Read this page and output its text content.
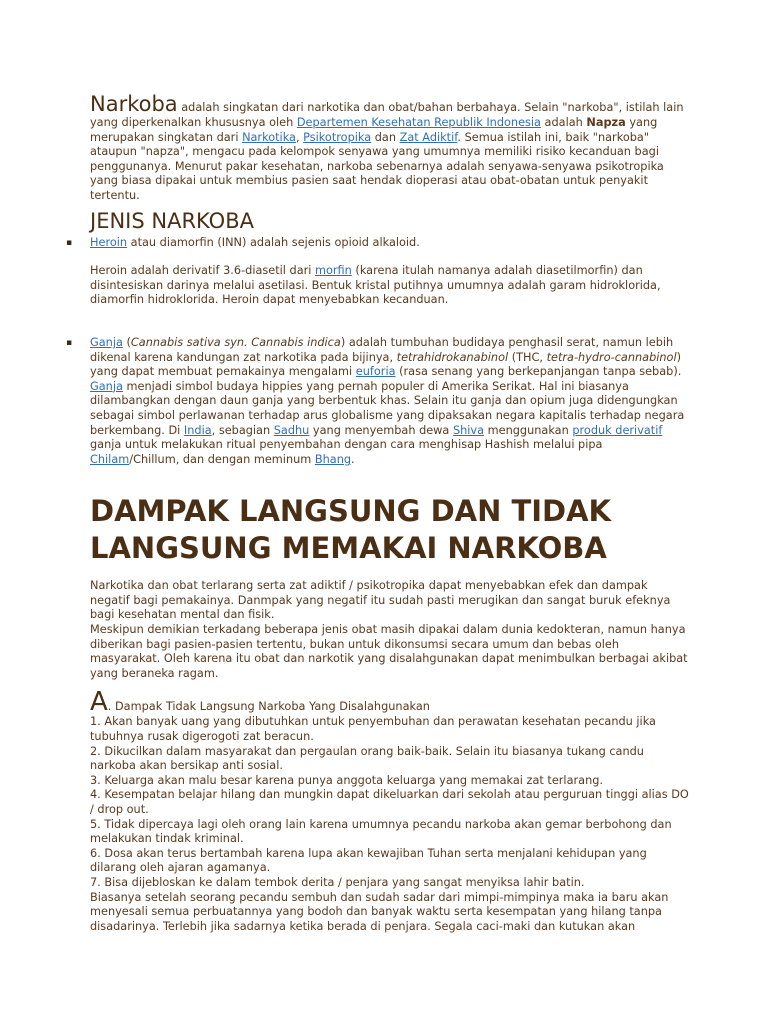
Narkoba adalah singkatan dari narkotika dan obat/bahan berbahaya. Selain "narkoba", istilah lain yang diperkenalkan khususnya oleh Departemen Kesehatan Republik Indonesia adalah Napza yang merupakan singkatan dari Narkotika, Psikotropika dan Zat Adiktif. Semua istilah ini, baik "narkoba" ataupun "napza", mengacu pada kelompok senyawa yang umumnya memiliki risiko kecanduan bagi penggunanya. Menurut pakar kesehatan, narkoba sebenarnya adalah senyawa-senyawa psikotropika yang biasa dipakai untuk membius pasien saat hendak dioperasi atau obat-obatan untuk penyakit tertentu.

JENIS NARKOBA
▪ Heroin atau diamorfin (INN) adalah sejenis opioid alkaloid.

Heroin adalah derivatif 3.6-diasetil dari morfin (karena itulah namanya adalah diasetilmorfin) dan disintesiskan darinya melalui asetilasi. Bentuk kristal putihnya umumnya adalah garam hidroklorida, diamorfin hidroklorida. Heroin dapat menyebabkan kecanduan.

▪ Ganja (Cannabis sativa syn. Cannabis indica) adalah tumbuhan budidaya penghasil serat, namun lebih dikenal karena kandungan zat narkotika pada bijinya, tetrahidrokanabinol (THC, tetra-hydro-cannabinol) yang dapat membuat pemakainya mengalami euforia (rasa senang yang berkepanjangan tanpa sebab).

Ganja menjadi simbol budaya hippies yang pernah populer di Amerika Serikat. Hal ini biasanya dilambangkan dengan daun ganja yang berbentuk khas. Selain itu ganja dan opium juga didengungkan sebagai simbol perlawanan terhadap arus globalisme yang dipaksakan negara kapitalis terhadap negara berkembang. Di India, sebagian Sadhu yang menyembah dewa Shiva menggunakan produk derivatif ganja untuk melakukan ritual penyembahan dengan cara menghisap Hashish melalui pipa Chilam/Chillum, dan dengan meminum Bhang.

DAMPAK LANGSUNG DAN TIDAK LANGSUNG MEMAKAI NARKOBA

Narkotika dan obat terlarang serta zat adiktif / psikotropika dapat menyebabkan efek dan dampak negatif bagi pemakainya. Danmpak yang negatif itu sudah pasti merugikan dan sangat buruk efeknya bagi kesehatan mental dan fisik.

Meskipun demikian terkadang beberapa jenis obat masih dipakai dalam dunia kedokteran, namun hanya diberikan bagi pasien-pasien tertentu, bukan untuk dikonsumsi secara umum dan bebas oleh masyarakat. Oleh karena itu obat dan narkotik yang disalahgunakan dapat menimbulkan berbagai akibat yang beraneka ragam.

A. Dampak Tidak Langsung Narkoba Yang Disalahgunakan

1. Akan banyak uang yang dibutuhkan untuk penyembuhan dan perawatan kesehatan pecandu jika tubuhnya rusak digerogoti zat beracun.

2. Dikucilkan dalam masyarakat dan pergaulan orang baik-baik. Selain itu biasanya tukang candu narkoba akan bersikap anti sosial.

3. Keluarga akan malu besar karena punya anggota keluarga yang memakai zat terlarang.

4. Kesempatan belajar hilang dan mungkin dapat dikeluarkan dari sekolah atau perguruan tinggi alias DO / drop out.

5. Tidak dipercaya lagi oleh orang lain karena umumnya pecandu narkoba akan gemar berbohong dan melakukan tindak kriminal.

6. Dosa akan terus bertambah karena lupa akan kewajiban Tuhan serta menjalani kehidupan yang dilarang oleh ajaran agamanya.

7. Bisa dijebloskan ke dalam tembok derita / penjara yang sangat menyiksa lahir batin.

Biasanya setelah seorang pecandu sembuh dan sudah sadar dari mimpi-mimpinya maka ia baru akan menyesali semua perbuatannya yang bodoh dan banyak waktu serta kesempatan yang hilang tanpa disadarinya. Terlebih jika sadarnya ketika berada di penjara. Segala caci-maki dan kutukan akan
